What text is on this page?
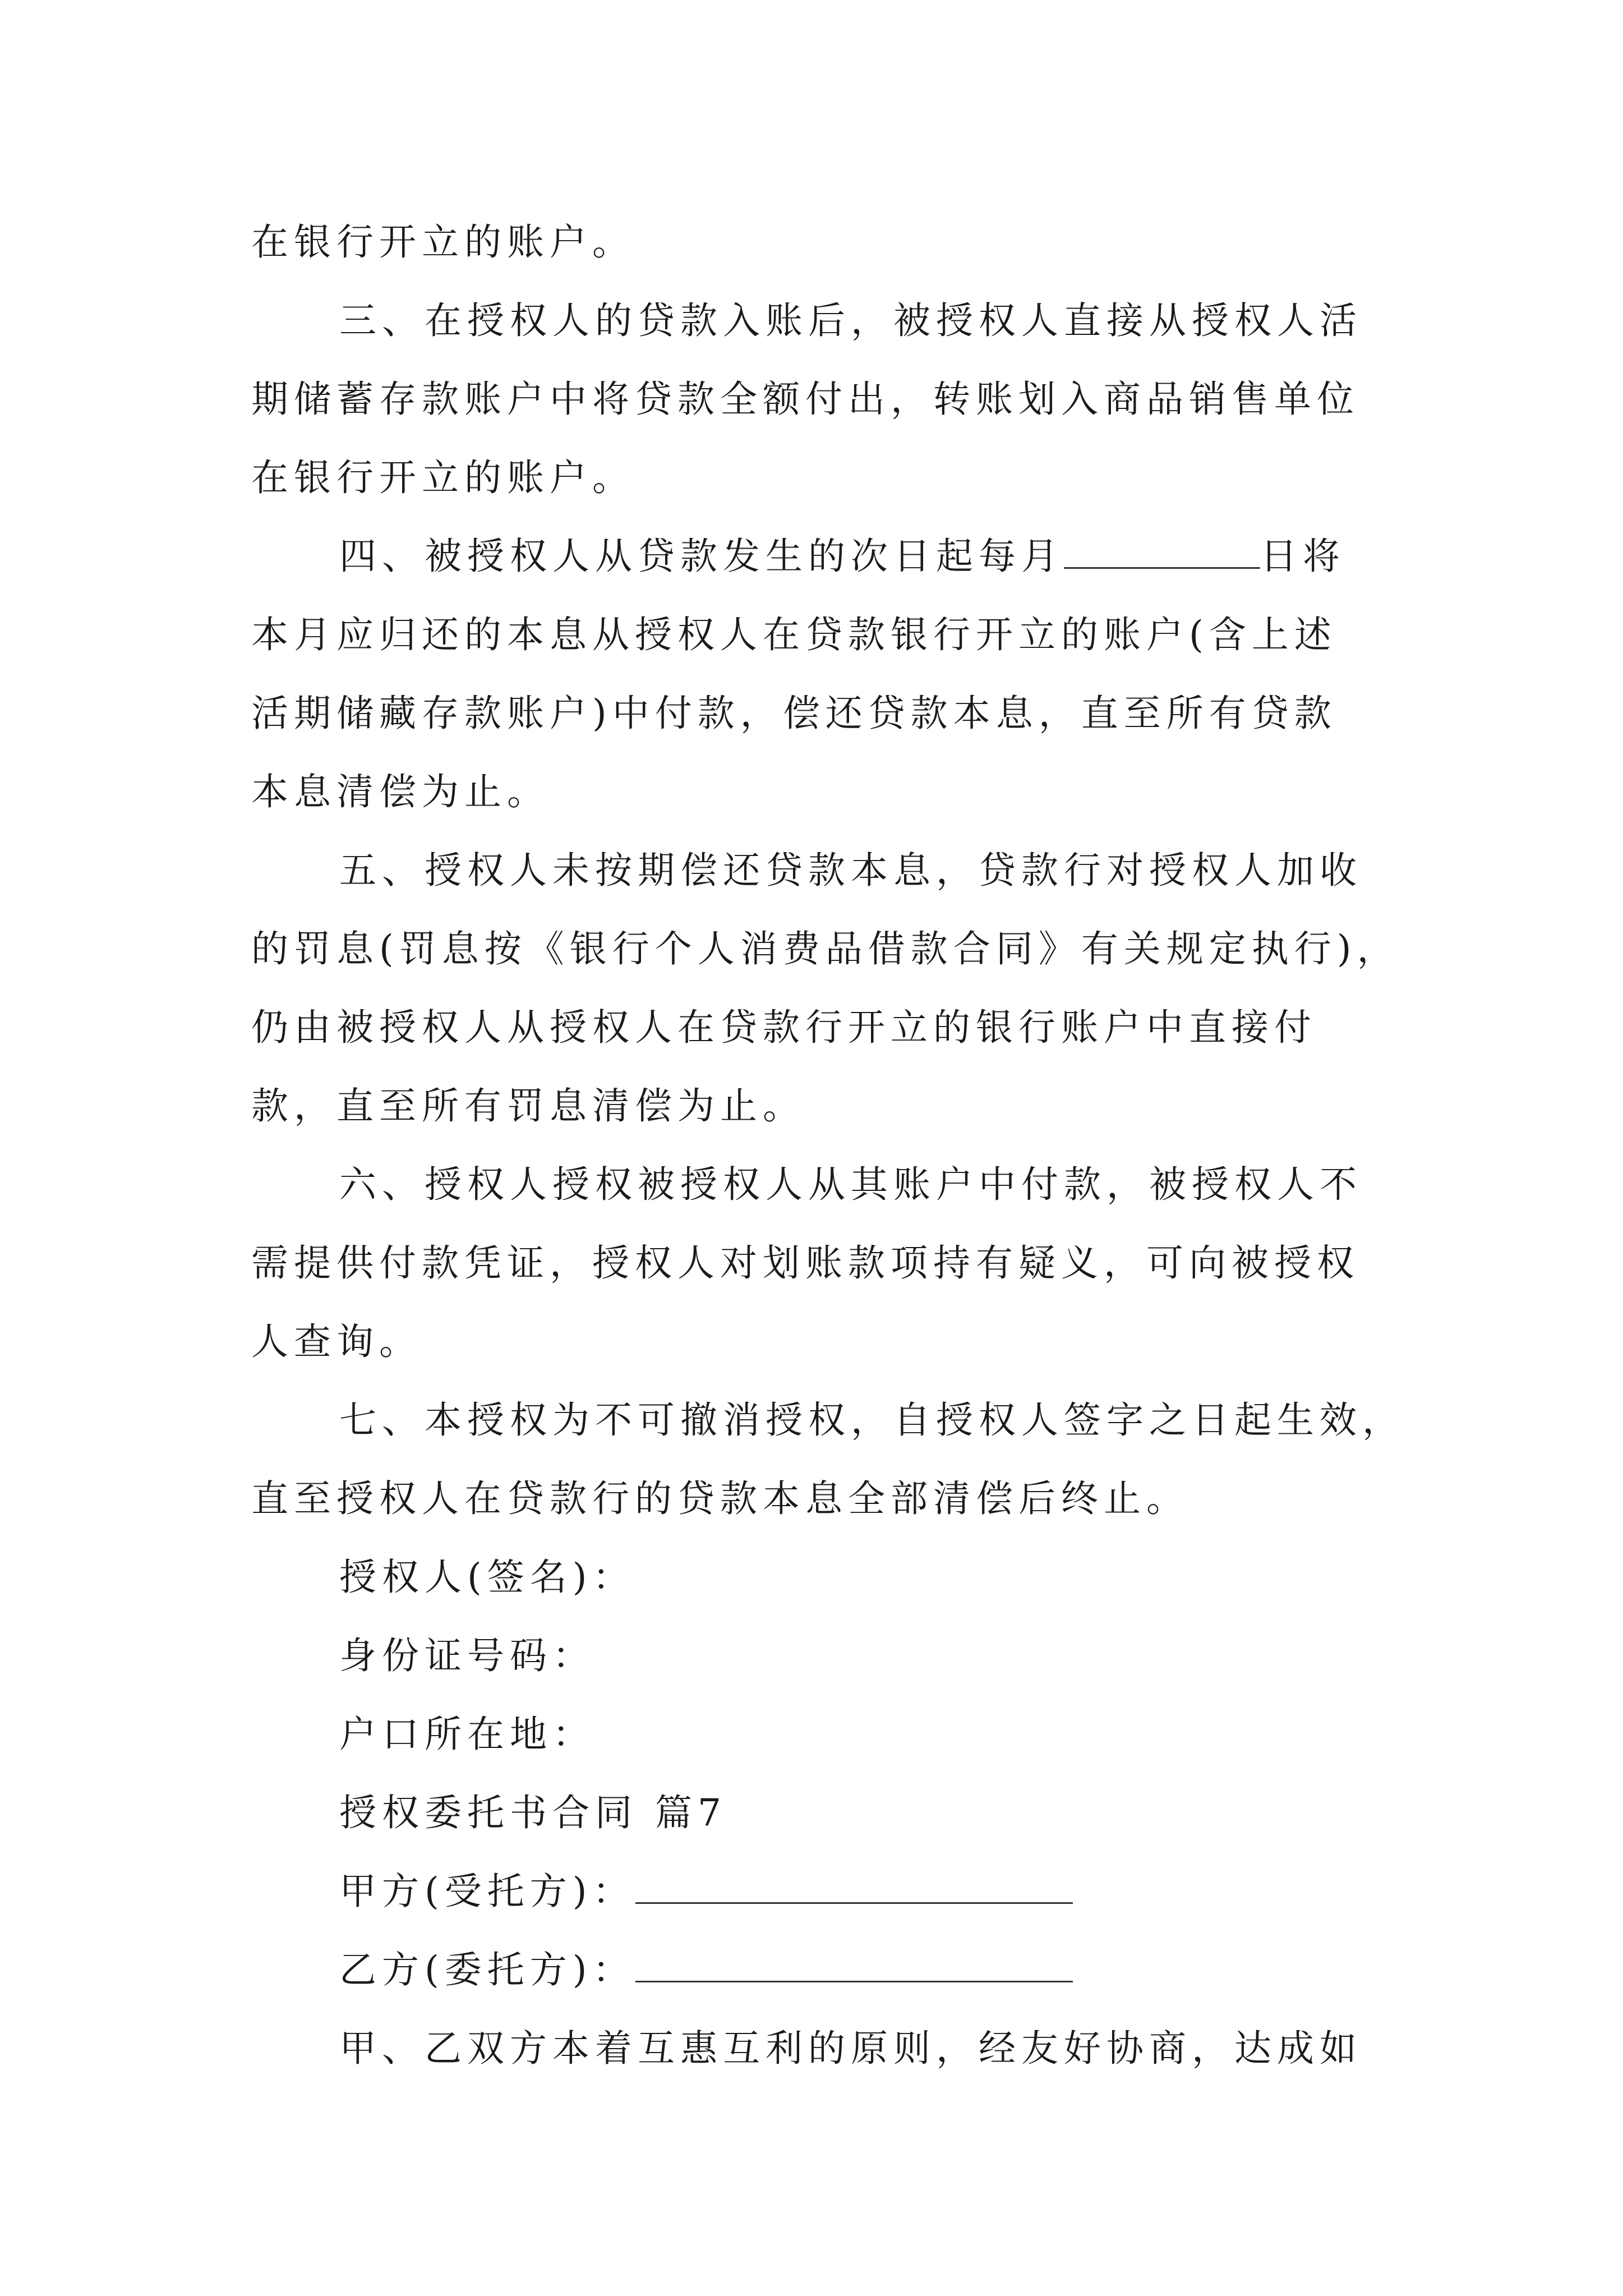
在银行开立的账户。
三、在授权人的贷款入账后，被授权人直接从授权人活
期储蓄存款账户中将贷款全额付出，转账划入商品销售单位
在银行开立的账户。
四、被授权人从贷款发生的次日起每月	日将
本月应归还的本息从授权人在贷款银行开立的账户(含上述
活期储藏存款账户)中付款，偿还贷款本息，直至所有贷款
本息清偿为止。
五、授权人未按期偿还贷款本息，贷款行对授权人加收
的罚息(罚息按《银行个人消费品借款合同》有关规定执行)，
仍由被授权人从授权人在贷款行开立的银行账户中直接付
款，直至所有罚息清偿为止。
六、授权人授权被授权人从其账户中付款，被授权人不
需提供付款凭证，授权人对划账款项持有疑义，可向被授权
人查询。
七、本授权为不可撤消授权，自授权人签字之日起生效，
直至授权人在贷款行的贷款本息全部清偿后终止。
授权人(签名)：
身份证号码：
户口所在地：
授权委托书合同 篇7
甲方(受托方)：
乙方(委托方)：
甲、乙双方本着互惠互利的原则，经友好协商，达成如
